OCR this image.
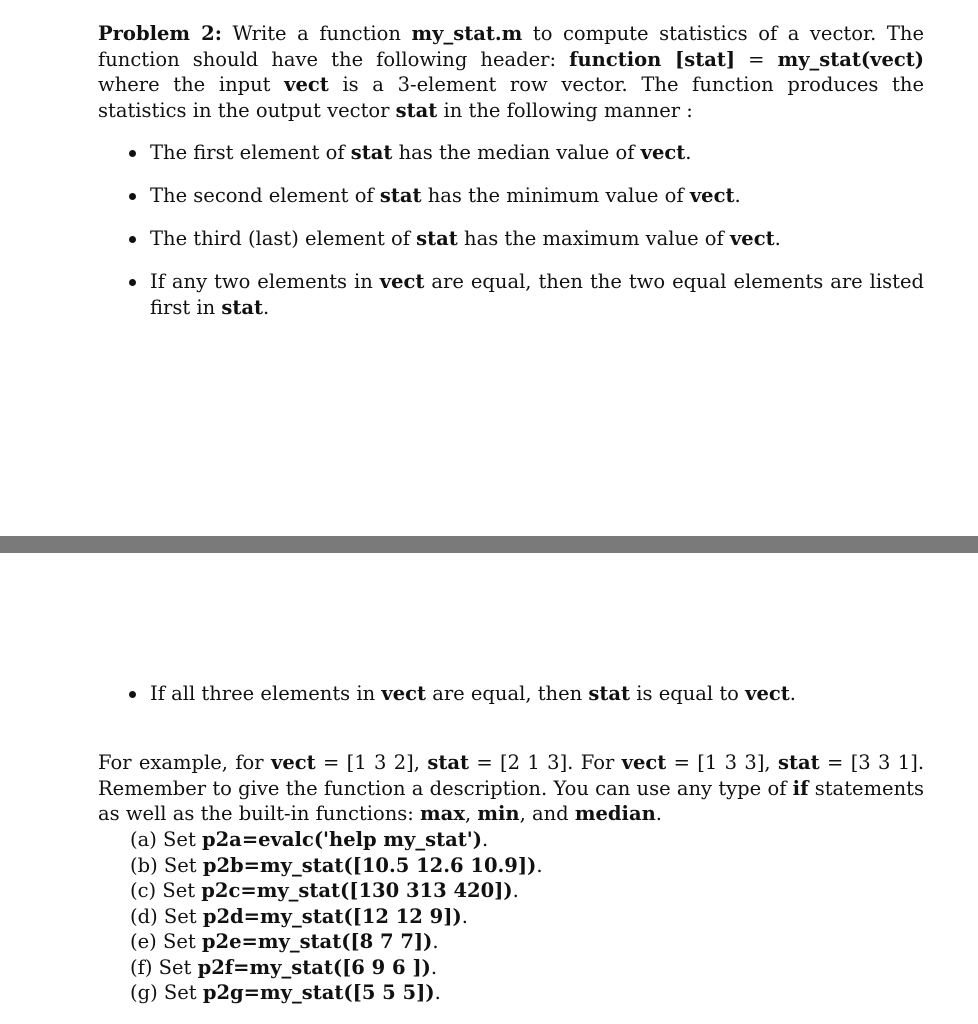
Problem 2: Write a function my_stat.m to compute statistics of a vector. The function should have the following header: function [stat] = my_stat(vect) where the input vect is a 3-element row vector. The function produces the statistics in the output vector stat in the following manner :

The first element of stat has the median value of vect.
The second element of stat has the minimum value of vect.
The third (last) element of stat has the maximum value of vect.
If any two elements in vect are equal, then the two equal elements are listed first in stat.
If all three elements in vect are equal, then stat is equal to vect.

For example, for vect = [1 3 2], stat = [2 1 3]. For vect = [1 3 3], stat = [3 3 1]. Remember to give the function a description. You can use any type of if statements as well as the built-in functions: max, min, and median.

(a) Set p2a=evalc('help my_stat').
(b) Set p2b=my_stat([10.5 12.6 10.9]).
(c) Set p2c=my_stat([130 313 420]).
(d) Set p2d=my_stat([12 12 9]).
(e) Set p2e=my_stat([8 7 7]).
(f) Set p2f=my_stat([6 9 6 ]).
(g) Set p2g=my_stat([5 5 5]).
